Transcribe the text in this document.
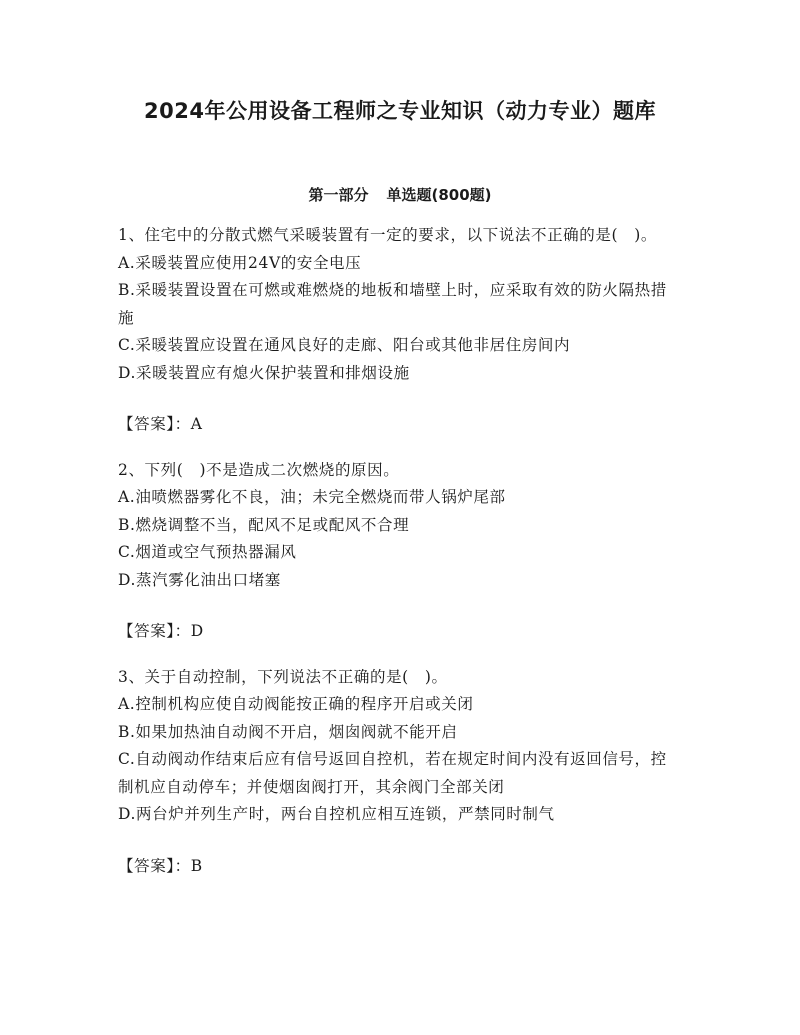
2024年公用设备工程师之专业知识（动力专业）题库
第一部分 单选题(800题)
1、住宅中的分散式燃气采暖装置有一定的要求，以下说法不正确的是(　)。
A.采暖装置应使用24V的安全电压
B.采暖装置设置在可燃或难燃烧的地板和墙壁上时，应采取有效的防火隔热措施
C.采暖装置应设置在通风良好的走廊、阳台或其他非居住房间内
D.采暖装置应有熄火保护装置和排烟设施
【答案】：A
2、下列(　)不是造成二次燃烧的原因。
A.油喷燃器雾化不良，油；未完全燃烧而带人锅炉尾部
B.燃烧调整不当，配风不足或配风不合理
C.烟道或空气预热器漏风
D.蒸汽雾化油出口堵塞
【答案】：D
3、关于自动控制，下列说法不正确的是(　)。
A.控制机构应使自动阀能按正确的程序开启或关闭
B.如果加热油自动阀不开启，烟囱阀就不能开启
C.自动阀动作结束后应有信号返回自控机，若在规定时间内没有返回信号，控制机应自动停车；并使烟囱阀打开，其余阀门全部关闭
D.两台炉并列生产时，两台自控机应相互连锁，严禁同时制气
【答案】：B
